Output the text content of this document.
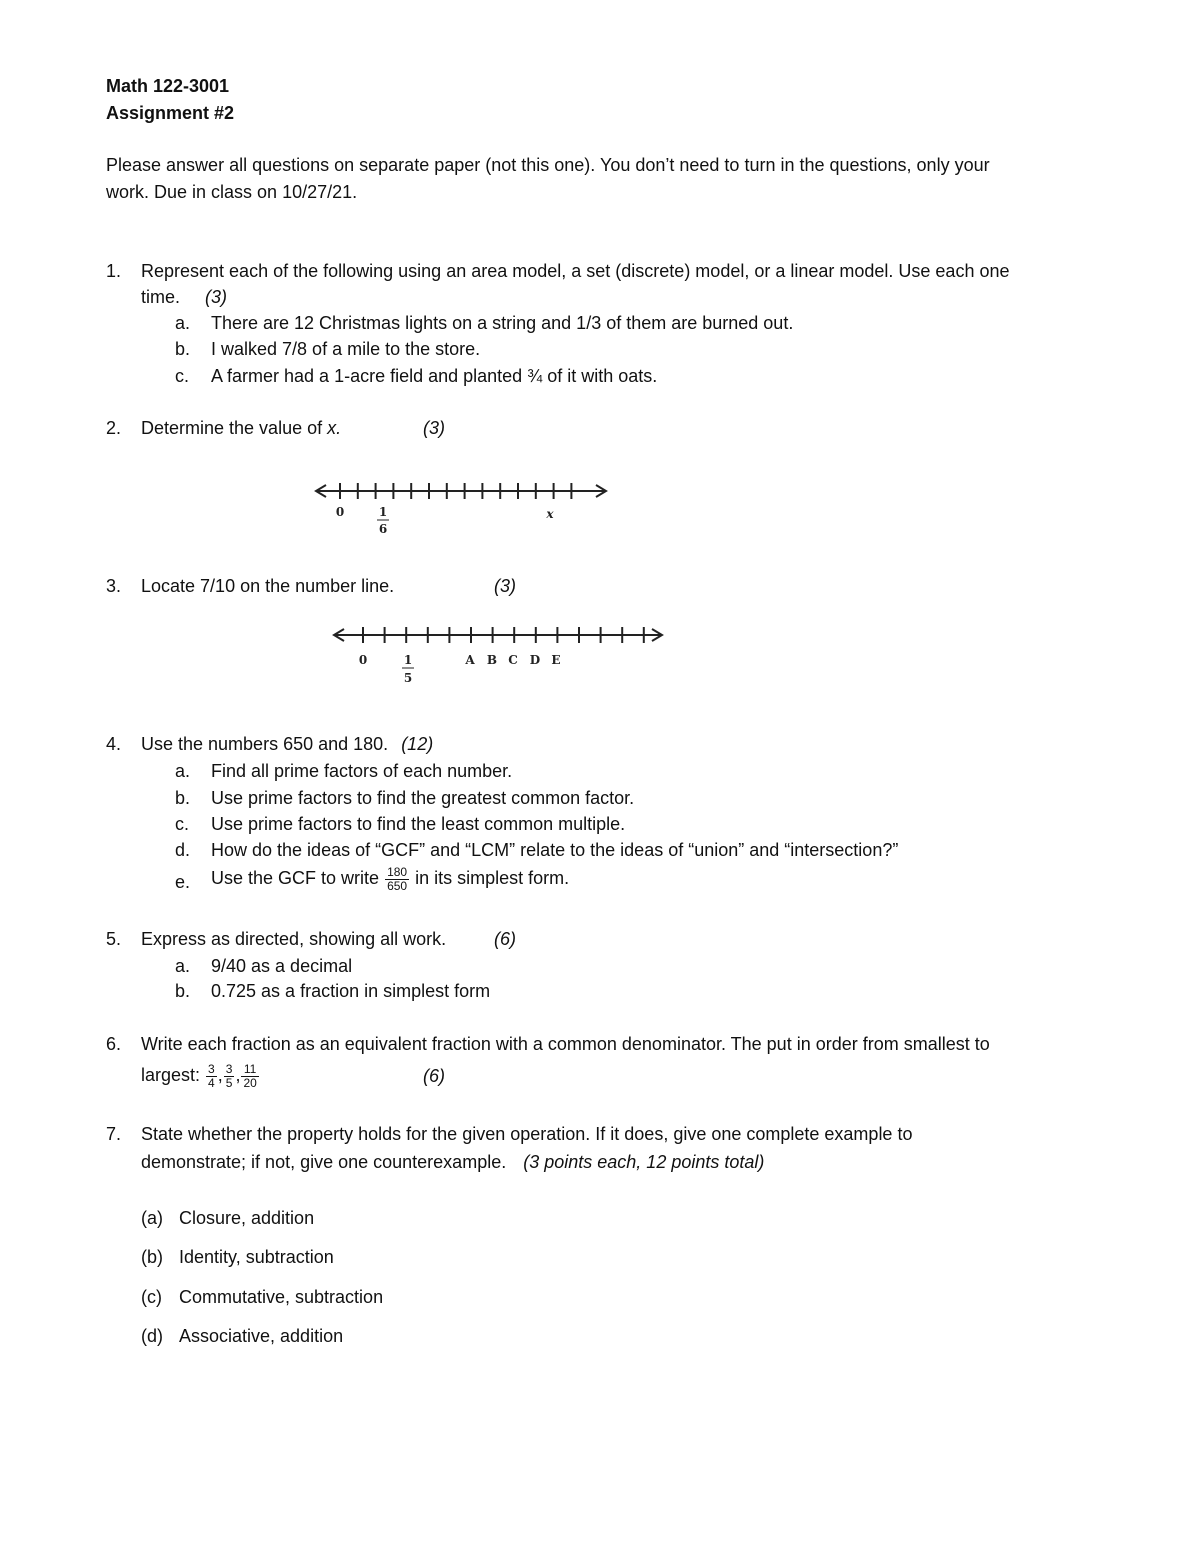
Math 122-3001
Assignment #2
Please answer all questions on separate paper (not this one). You don’t need to turn in the questions, only your
work. Due in class on 10/27/21.
1. Represent each of the following using an area model, a set (discrete) model, or a linear model. Use each one
time. (3)
a. There are 12 Christmas lights on a string and 1/3 of them are burned out.
b. I walked 7/8 of a mile to the store.
c. A farmer had a 1-acre field and planted ¾ of it with oats.
2. Determine the value of x.	(3)
0	1
6
x
3. Locate 7/10 on the number line.	(3)
0	1
5
A B C D E
4. Use the numbers 650 and 180. (12)
a. Find all prime factors of each number.
b. Use prime factors to find the greatest common factor.
c. Use prime factors to find the least common multiple.
d. How do the ideas of “GCF” and “LCM” relate to the ideas of “union” and “intersection?”
e. Use the GCF to write $\frac{180}{650}$ in its simplest form.
5. Express as directed, showing all work.	(6)
a. 9/40 as a decimal
b. 0.725 as a fraction in simplest form
6. Write each fraction as an equivalent fraction with a common denominator. The put in order from smallest to
largest: $\frac{3}{4}$ , $\frac{3}{5}$ , $\frac{11}{20}$	(6)
7. State whether the property holds for the given operation. If it does, give one complete example to
demonstrate; if not, give one counterexample. (3 points each, 12 points total)
(a) Closure, addition
(b) Identity, subtraction
(c) Commutative, subtraction
(d) Associative, addition
